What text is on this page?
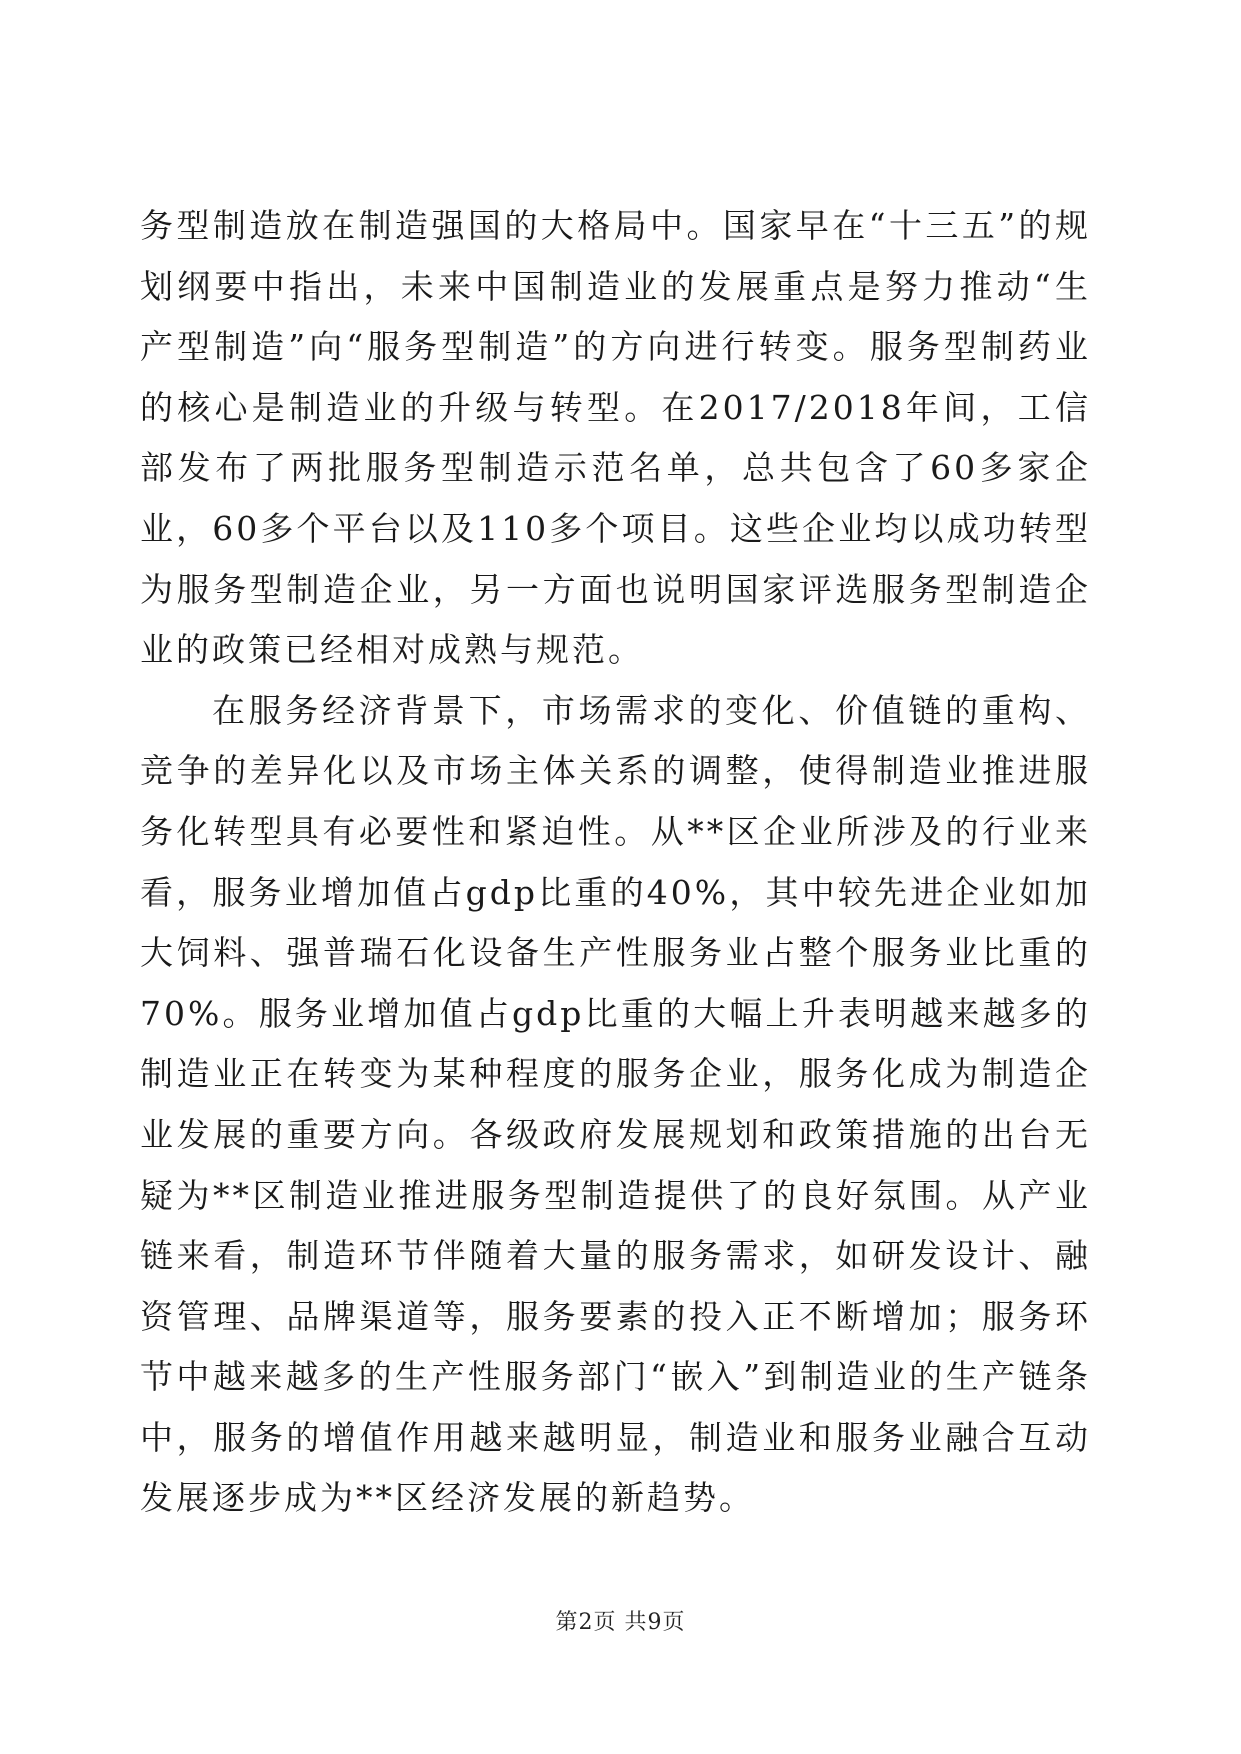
务型制造放在制造强国的大格局中。国家早在“十三五”的规划纲要中指出，未来中国制造业的发展重点是努力推动“生产型制造”向“服务型制造”的方向进行转变。服务型制药业的核心是制造业的升级与转型。在2017/2018年间，工信部发布了两批服务型制造示范名单，总共包含了60多家企业，60多个平台以及110多个项目。这些企业均以成功转型为服务型制造企业，另一方面也说明国家评选服务型制造企业的政策已经相对成熟与规范。

在服务经济背景下，市场需求的变化、价值链的重构、竞争的差异化以及市场主体关系的调整，使得制造业推进服务化转型具有必要性和紧迫性。从**区企业所涉及的行业来看，服务业增加值占gdp比重的40%，其中较先进企业如加大饲料、强普瑞石化设备生产性服务业占整个服务业比重的70%。服务业增加值占gdp比重的大幅上升表明越来越多的制造业正在转变为某种程度的服务企业，服务化成为制造企业发展的重要方向。各级政府发展规划和政策措施的出台无疑为**区制造业推进服务型制造提供了的良好氛围。从产业链来看，制造环节伴随着大量的服务需求，如研发设计、融资管理、品牌渠道等，服务要素的投入正不断增加；服务环节中越来越多的生产性服务部门“嵌入”到制造业的生产链条中，服务的增值作用越来越明显，制造业和服务业融合互动发展逐步成为**区经济发展的新趋势。

第2页 共9页
